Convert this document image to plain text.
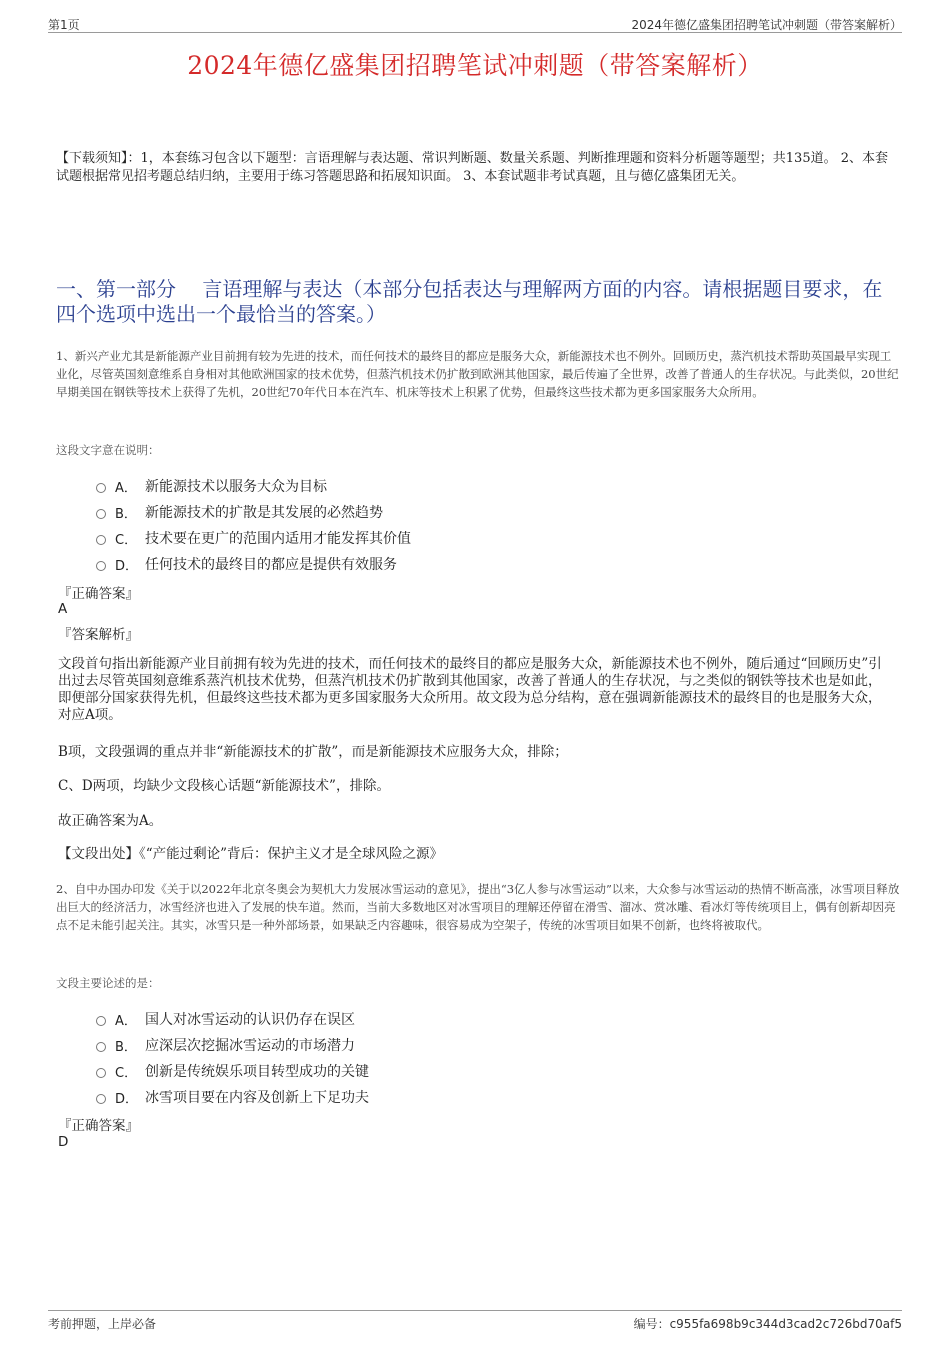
第1页	2024年德亿盛集团招聘笔试冲刺题（带答案解析）
2024年德亿盛集团招聘笔试冲刺题（带答案解析）
【下载须知】：1，本套练习包含以下题型：言语理解与表达题、常识判断题、数量关系题、判断推理题和资料分析题等题型；共135道。 2、本套试题根据常见招考题总结归纳，主要用于练习答题思路和拓展知识面。 3、本套试题非考试真题，且与德亿盛集团无关。
一、第一部分　 言语理解与表达（本部分包括表达与理解两方面的内容。请根据题目要求，在四个选项中选出一个最恰当的答案。）
1、新兴产业尤其是新能源产业目前拥有较为先进的技术，而任何技术的最终目的都应是服务大众，新能源技术也不例外。回顾历史，蒸汽机技术帮助英国最早实现工业化，尽管英国刻意维系自身相对其他欧洲国家的技术优势，但蒸汽机技术仍扩散到欧洲其他国家，最后传遍了全世界，改善了普通人的生存状况。与此类似，20世纪早期美国在钢铁等技术上获得了先机，20世纪70年代日本在汽车、机床等技术上积累了优势，但最终这些技术都为更多国家服务大众所用。
这段文字意在说明：
A． 新能源技术以服务大众为目标
B． 新能源技术的扩散是其发展的必然趋势
C． 技术要在更广的范围内适用才能发挥其价值
D． 任何技术的最终目的都应是提供有效服务
『正确答案』
A
『答案解析』
文段首句指出新能源产业目前拥有较为先进的技术，而任何技术的最终目的都应是服务大众，新能源技术也不例外，随后通过“回顾历史”引出过去尽管英国刻意维系蒸汽机技术优势，但蒸汽机技术仍扩散到其他国家，改善了普通人的生存状况，与之类似的钢铁等技术也是如此，即便部分国家获得先机，但最终这些技术都为更多国家服务大众所用。故文段为总分结构，意在强调新能源技术的最终目的也是服务大众，对应A项。
B项，文段强调的重点并非“新能源技术的扩散”，而是新能源技术应服务大众，排除；
C、D两项，均缺少文段核心话题“新能源技术”，排除。
故正确答案为A。
【文段出处】《“产能过剩论”背后：保护主义才是全球风险之源》
2、自中办国办印发《关于以2022年北京冬奥会为契机大力发展冰雪运动的意见》，提出“3亿人参与冰雪运动”以来，大众参与冰雪运动的热情不断高涨，冰雪项目释放出巨大的经济活力，冰雪经济也进入了发展的快车道。然而，当前大多数地区对冰雪项目的理解还停留在滑雪、溜冰、赏冰雕、看冰灯等传统项目上，偶有创新却因亮点不足未能引起关注。其实，冰雪只是一种外部场景，如果缺乏内容趣味，很容易成为空架子，传统的冰雪项目如果不创新，也终将被取代。
文段主要论述的是：
A． 国人对冰雪运动的认识仍存在误区
B． 应深层次挖掘冰雪运动的市场潜力
C． 创新是传统娱乐项目转型成功的关键
D． 冰雪项目要在内容及创新上下足功夫
『正确答案』
D
考前押题，上岸必备	编号：c955fa698b9c344d3cad2c726bd70af5
